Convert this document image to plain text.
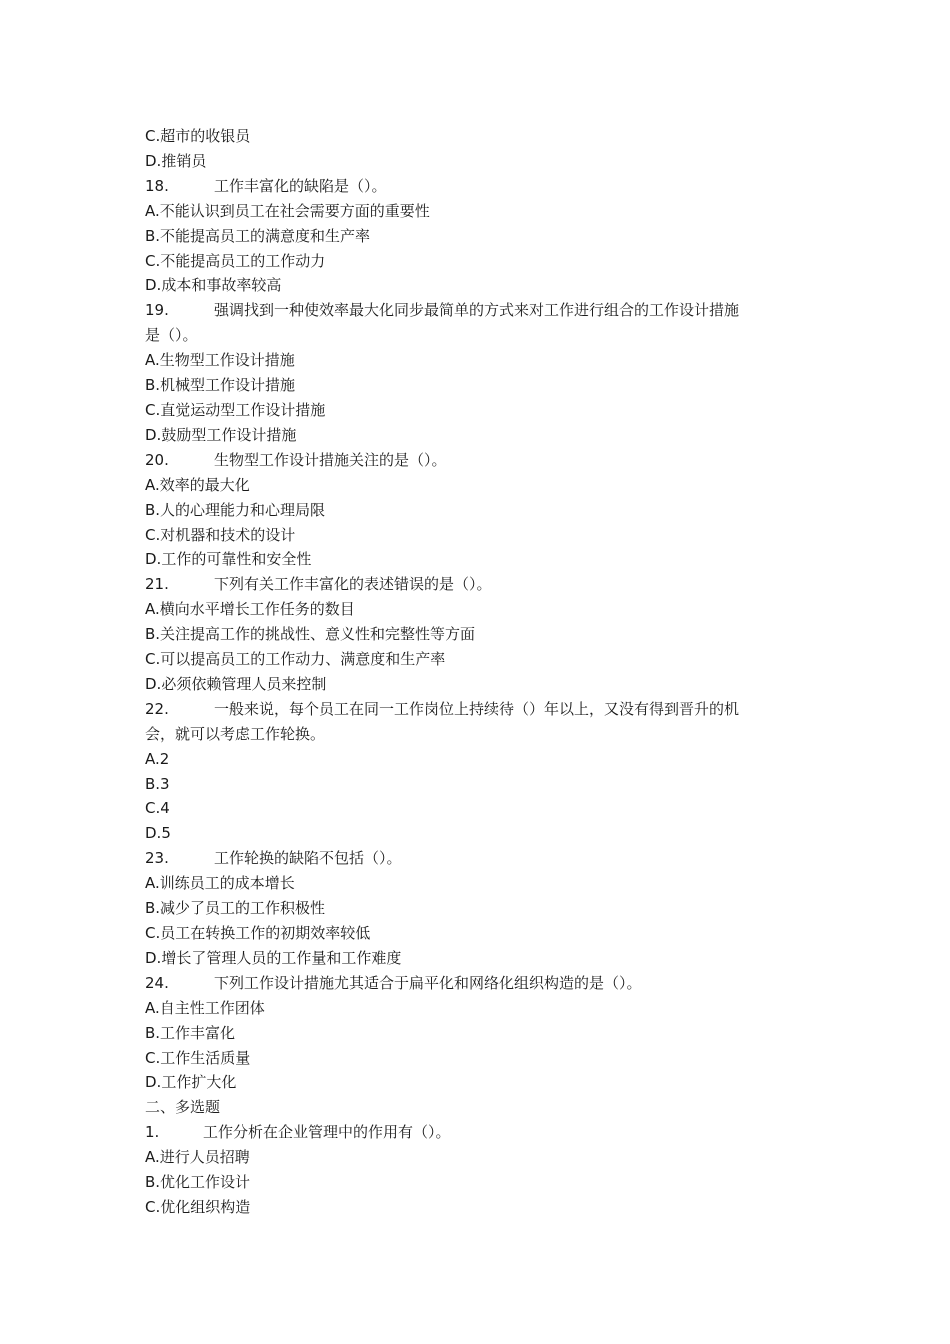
C.超市的收银员
D.推销员
18.	工作丰富化的缺陷是（）。
A.不能认识到员工在社会需要方面的重要性
B.不能提高员工的满意度和生产率
C.不能提高员工的工作动力
D.成本和事故率较高
19.	强调找到一种使效率最大化同步最简单的方式来对工作进行组合的工作设计措施
是（）。
A.生物型工作设计措施
B.机械型工作设计措施
C.直觉运动型工作设计措施
D.鼓励型工作设计措施
20.	生物型工作设计措施关注的是（）。
A.效率的最大化
B.人的心理能力和心理局限
C.对机器和技术的设计
D.工作的可靠性和安全性
21.	下列有关工作丰富化的表述错误的是（）。
A.横向水平增长工作任务的数目
B.关注提高工作的挑战性、意义性和完整性等方面
C.可以提高员工的工作动力、满意度和生产率
D.必须依赖管理人员来控制
22.	一般来说，每个员工在同一工作岗位上持续待（）年以上，又没有得到晋升的机
会，就可以考虑工作轮换。
A.2
B.3
C.4
D.5
23.	工作轮换的缺陷不包括（）。
A.训练员工的成本增长
B.减少了员工的工作积极性
C.员工在转换工作的初期效率较低
D.增长了管理人员的工作量和工作难度
24.	下列工作设计措施尤其适合于扁平化和网络化组织构造的是（）。
A.自主性工作团体
B.工作丰富化
C.工作生活质量
D.工作扩大化
二、多选题
1.	工作分析在企业管理中的作用有（）。
A.进行人员招聘
B.优化工作设计
C.优化组织构造
